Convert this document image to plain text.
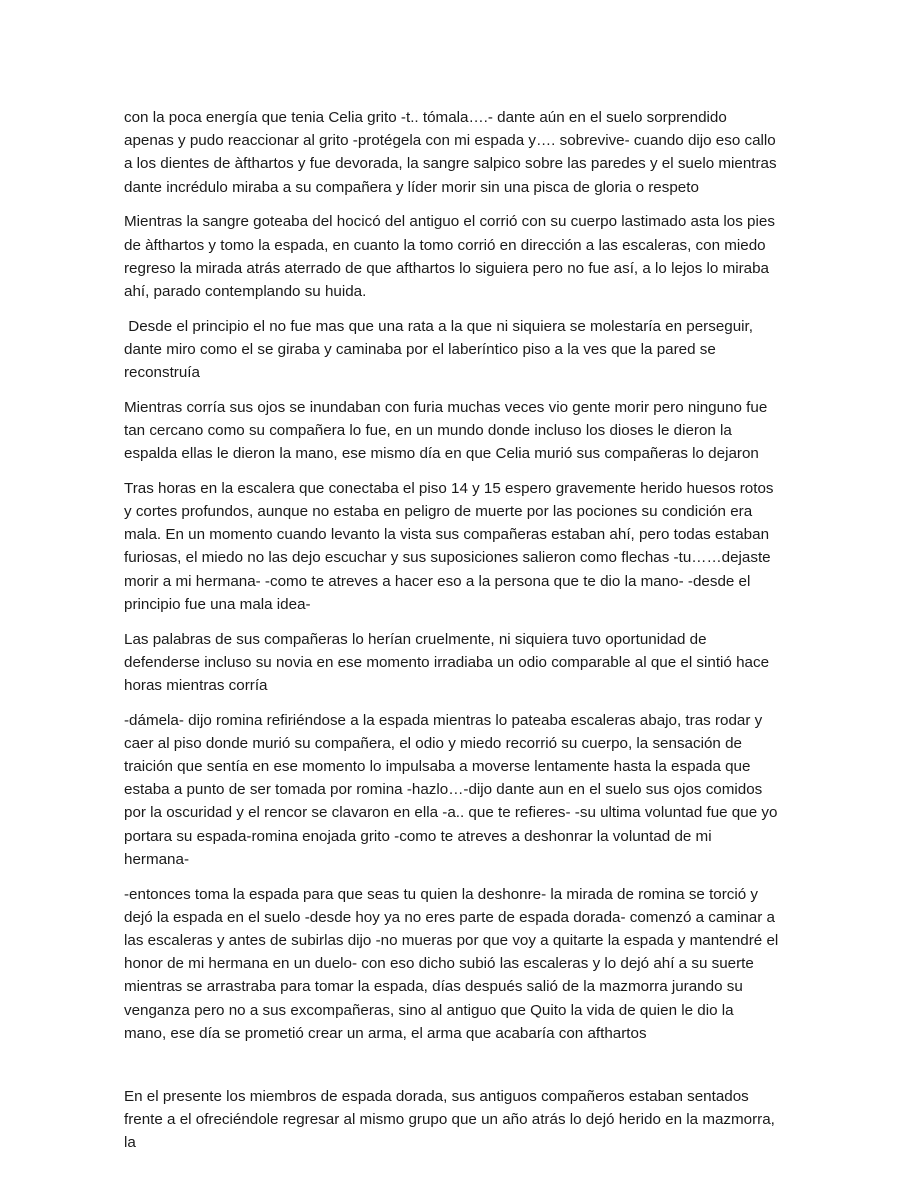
con la poca energía que tenia Celia grito -t.. tómala….- dante aún en el suelo sorprendido apenas y pudo reaccionar al grito -protégela con mi espada y…. sobrevive- cuando dijo eso callo a los dientes de àfthartos y fue devorada, la sangre salpico sobre las paredes y el suelo mientras dante incrédulo miraba a su compañera y líder morir sin una pisca de gloria o respeto

Mientras la sangre goteaba del hocicó del antiguo el corrió con su cuerpo lastimado asta los pies de àfthartos y tomo la espada, en cuanto la tomo corrió en dirección a las escaleras, con miedo regreso la mirada atrás aterrado de que afthartos lo siguiera pero no fue así, a lo lejos lo miraba ahí, parado contemplando su huida.

Desde el principio el no fue mas que una rata a la que ni siquiera se molestaría en perseguir, dante miro como el se giraba y caminaba por el laberíntico piso a la ves que la pared se reconstruía

Mientras corría sus ojos se inundaban con furia muchas veces vio gente morir pero ninguno fue tan cercano como su compañera lo fue, en un mundo donde incluso los dioses le dieron la espalda ellas le dieron la mano, ese mismo día en que Celia murió sus compañeras lo dejaron

Tras horas en la escalera que conectaba el piso 14 y 15 espero gravemente herido huesos rotos y cortes profundos, aunque no estaba en peligro de muerte por las pociones su condición era mala. En un momento cuando levanto la vista sus compañeras estaban ahí, pero todas estaban furiosas, el miedo no las dejo escuchar y sus suposiciones salieron como flechas -tu……dejaste morir a mi hermana- -como te atreves a hacer eso a la persona que te dio la mano- -desde el principio fue una mala idea-

Las palabras de sus compañeras lo herían cruelmente, ni siquiera tuvo oportunidad de defenderse incluso su novia en ese momento irradiaba un odio comparable al que el sintió hace horas mientras corría

-dámela- dijo romina refiriéndose a la espada mientras lo pateaba escaleras abajo, tras rodar y caer al piso donde murió su compañera, el odio y miedo recorrió su cuerpo, la sensación de traición que sentía en ese momento lo impulsaba a moverse lentamente hasta la espada que estaba a punto de ser tomada por romina -hazlo…-dijo dante aun en el suelo sus ojos comidos por la oscuridad y el rencor se clavaron en ella -a.. que te refieres- -su ultima voluntad fue que yo portara su espada-romina enojada grito -como te atreves a deshonrar la voluntad de mi hermana-

-entonces toma la espada para que seas tu quien la deshonre- la mirada de romina se torció y dejó la espada en el suelo -desde hoy ya no eres parte de espada dorada- comenzó a caminar a las escaleras y antes de subirlas dijo -no mueras por que voy a quitarte la espada y mantendré el honor de mi hermana en un duelo- con eso dicho subió las escaleras y lo dejó ahí a su suerte mientras se arrastraba para tomar la espada, días después salió de la mazmorra jurando su venganza pero no a sus excompañeras, sino al antiguo que Quito la vida de quien le dio la mano, ese día se prometió crear un arma, el arma que acabaría con afthartos

En el presente los miembros de espada dorada, sus antiguos compañeros estaban sentados frente a el ofreciéndole regresar al mismo grupo que un año atrás lo dejó herido en la mazmorra, la
